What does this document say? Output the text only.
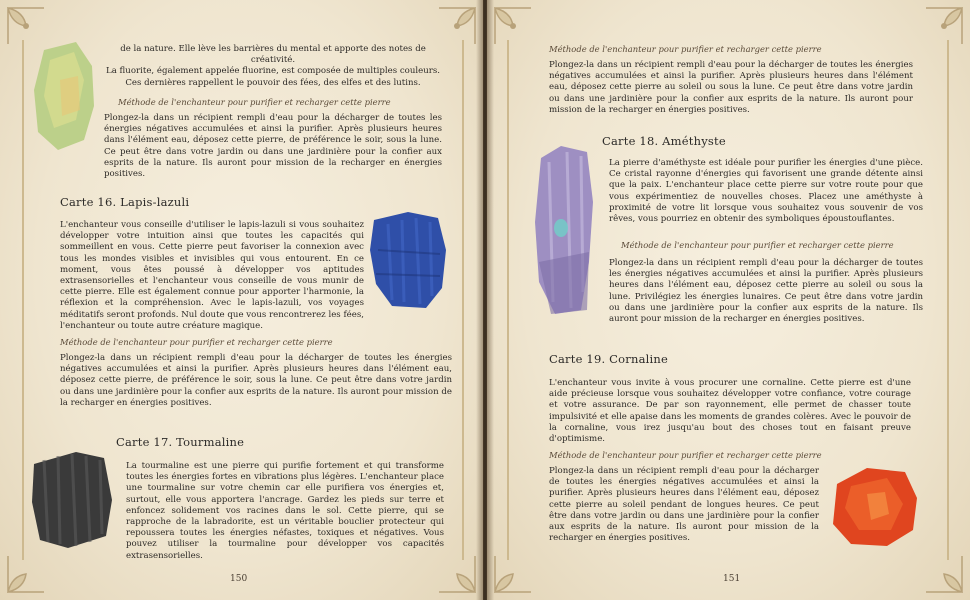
de la nature. Elle lève les barrières du mental et apporte des notes de créativité.

La fluorite, également appelée fluorine, est composée de multiples couleurs.

Ces dernières rappellent le pouvoir des fées, des elfes et des lutins.

Méthode de l'enchanteur pour purifier et recharger cette pierre

Plongez-la dans un récipient rempli d'eau pour la décharger de toutes les énergies négatives accumulées et ainsi la purifier. Après plusieurs heures dans l'élément eau, déposez cette pierre, de préférence le soir, sous la lune. Ce peut être dans votre jardin ou dans une jardinière pour la confier aux esprits de la nature. Ils auront pour mission de la recharger en énergies positives.

Carte 16. Lapis-lazuli

L'enchanteur vous conseille d'utiliser le lapis-lazuli si vous souhaitez développer votre intuition ainsi que toutes les capacités qui sommeillent en vous. Cette pierre peut favoriser la connexion avec tous les mondes visibles et invisibles qui vous entourent. En ce moment, vous êtes poussé à développer vos aptitudes extrasensorielles et l'enchanteur vous conseille de vous munir de cette pierre. Elle est également connue pour apporter l'harmonie, la réflexion et la compréhension. Avec le lapis-lazuli, vos voyages méditatifs seront profonds. Nul doute que vous rencontrerez les fées, l'enchanteur ou toute autre créature magique.

Méthode de l'enchanteur pour purifier et recharger cette pierre

Plongez-la dans un récipient rempli d'eau pour la décharger de toutes les énergies négatives accumulées et ainsi la purifier. Après plusieurs heures dans l'élément eau, déposez cette pierre, de préférence le soir, sous la lune. Ce peut être dans votre jardin ou dans une jardinière pour la confier aux esprits de la nature. Ils auront pour mission de la recharger en énergies positives.

Carte 17. Tourmaline

La tourmaline est une pierre qui purifie fortement et qui transforme toutes les énergies fortes en vibrations plus légères. L'enchanteur place une tourmaline sur votre chemin car elle purifiera vos énergies et, surtout, elle vous apportera l'ancrage. Gardez les pieds sur terre et enfoncez solidement vos racines dans le sol. Cette pierre, qui se rapproche de la labradorite, est un véritable bouclier protecteur qui repoussera toutes les énergies néfastes, toxiques et négatives. Vous pouvez utiliser la tourmaline pour développer vos capacités extrasensorielles.

150
Méthode de l'enchanteur pour purifier et recharger cette pierre

Plongez-la dans un récipient rempli d'eau pour la décharger de toutes les énergies négatives accumulées et ainsi la purifier. Après plusieurs heures dans l'élément eau, déposez cette pierre au soleil ou sous la lune. Ce peut être dans votre jardin ou dans une jardinière pour la confier aux esprits de la nature. Ils auront pour mission de la recharger en énergies positives.

Carte 18. Améthyste

La pierre d'améthyste est idéale pour purifier les énergies d'une pièce. Ce cristal rayonne d'énergies qui favorisent une grande détente ainsi que la paix. L'enchanteur place cette pierre sur votre route pour que vous expérimentiez de nouvelles choses. Placez une améthyste à proximité de votre lit lorsque vous souhaitez vous souvenir de vos rêves, vous pourriez en obtenir des symboliques époustouflantes.

Méthode de l'enchanteur pour purifier et recharger cette pierre

Plongez-la dans un récipient rempli d'eau pour la décharger de toutes les énergies négatives accumulées et ainsi la purifier. Après plusieurs heures dans l'élément eau, déposez cette pierre au soleil ou sous la lune. Privilégiez les énergies lunaires. Ce peut être dans votre jardin ou dans une jardinière pour la confier aux esprits de la nature. Ils auront pour mission de la recharger en énergies positives.

Carte 19. Cornaline

L'enchanteur vous invite à vous procurer une cornaline. Cette pierre est d'une aide précieuse lorsque vous souhaitez développer votre confiance, votre courage et votre assurance. De par son rayonnement, elle permet de chasser toute impulsivité et elle apaise dans les moments de grandes colères. Avec le pouvoir de la cornaline, vous irez jusqu'au bout des choses tout en faisant preuve d'optimisme.

Méthode de l'enchanteur pour purifier et recharger cette pierre

Plongez-la dans un récipient rempli d'eau pour la décharger de toutes les énergies négatives accumulées et ainsi la purifier. Après plusieurs heures dans l'élément eau, déposez cette pierre au soleil pendant de longues heures. Ce peut être dans votre jardin ou dans une jardinière pour la confier aux esprits de la nature. Ils auront pour mission de la recharger en énergies positives.

151
